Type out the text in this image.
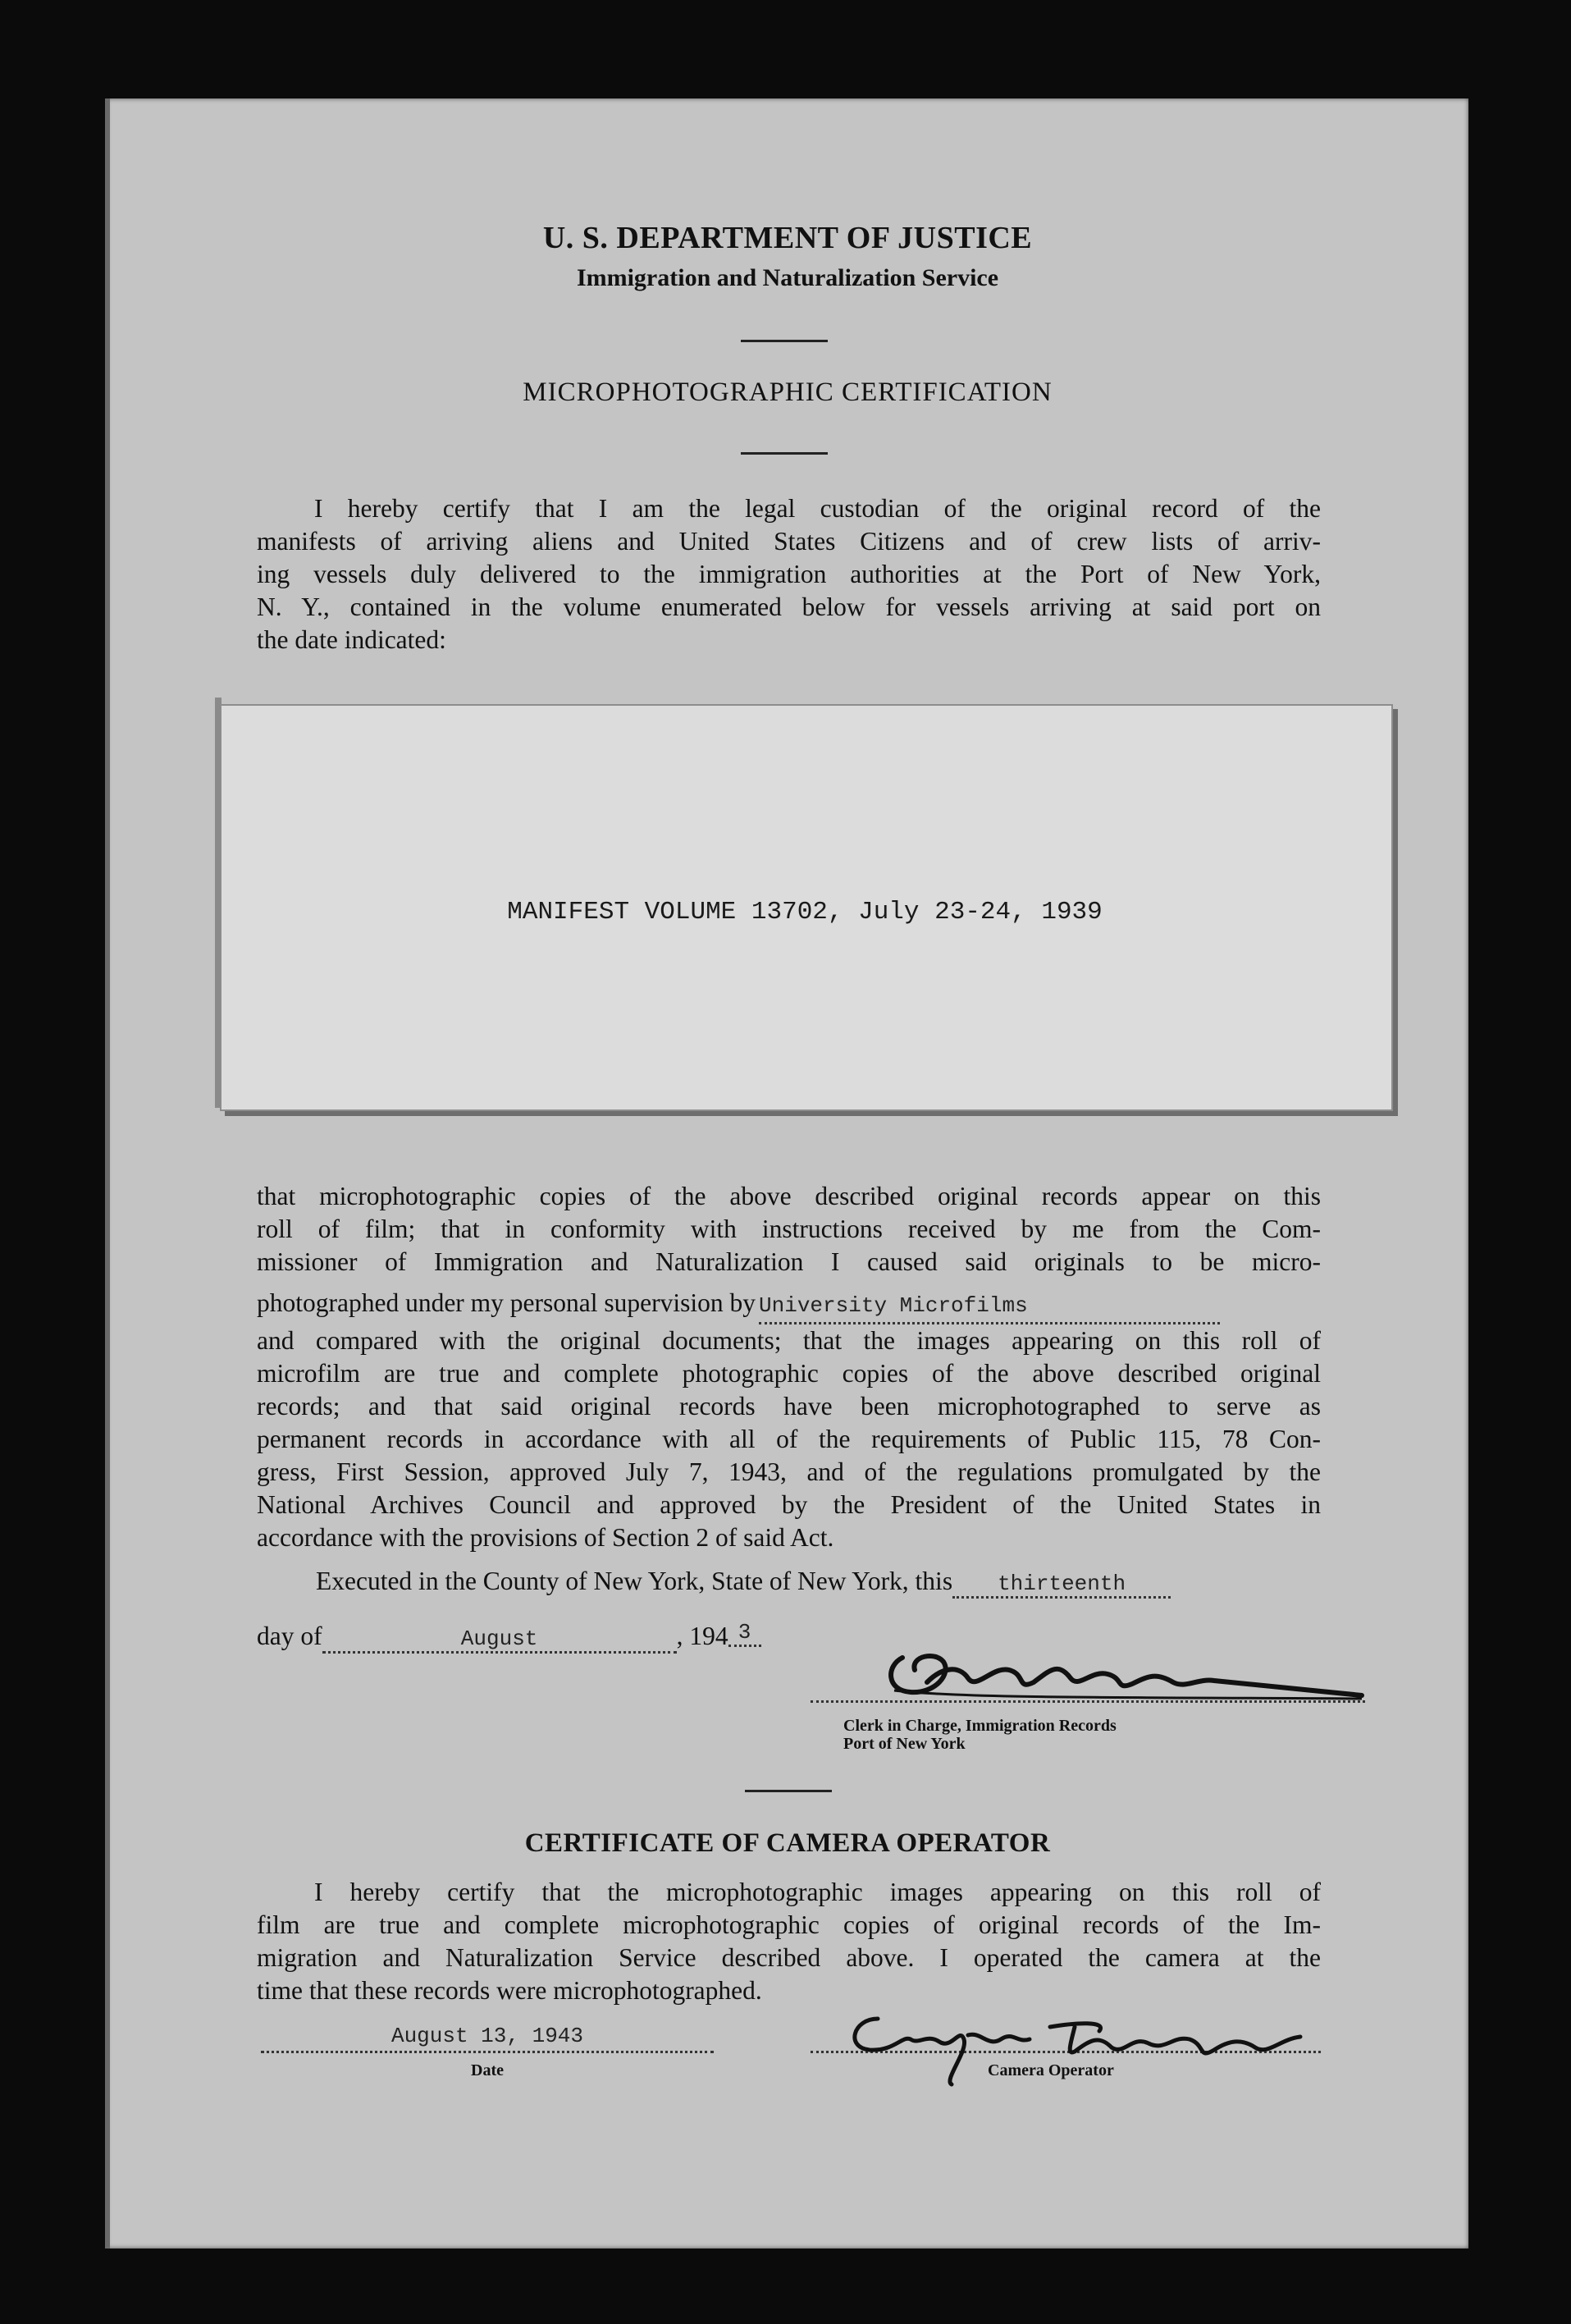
U. S. DEPARTMENT OF JUSTICE
Immigration and Naturalization Service
MICROPHOTOGRAPHIC CERTIFICATION
I hereby certify that I am the legal custodian of the original record of the
manifests of arriving aliens and United States Citizens and of crew lists of arriv-
ing vessels duly delivered to the immigration authorities at the Port of New York,
N. Y., contained in the volume enumerated below for vessels arriving at said port on
the date indicated:
MANIFEST VOLUME 13702, July 23-24, 1939
that microphotographic copies of the above described original records appear on this
roll of film; that in conformity with instructions received by me from the Com-
missioner of Immigration and Naturalization I caused said originals to be micro-
photographed under my personal supervision by University Microfilms
and compared with the original documents; that the images appearing on this roll of
microfilm are true and complete photographic copies of the above described original
records; and that said original records have been microphotographed to serve as
permanent records in accordance with all of the requirements of Public 115, 78 Con-
gress, First Session, approved July 7, 1943, and of the regulations promulgated by the
National Archives Council and approved by the President of the United States in
accordance with the provisions of Section 2 of said Act.
Executed in the County of New York, State of New York, this thirteenth
day of	August	, 194 3
Clerk in Charge, Immigration Records
Port of New York
CERTIFICATE OF CAMERA OPERATOR
I hereby certify that the microphotographic images appearing on this roll of
film are true and complete microphotographic copies of original records of the Im-
migration and Naturalization Service described above. I operated the camera at the
time that these records were microphotographed.
August 13, 1943
Date	Camera Operator
